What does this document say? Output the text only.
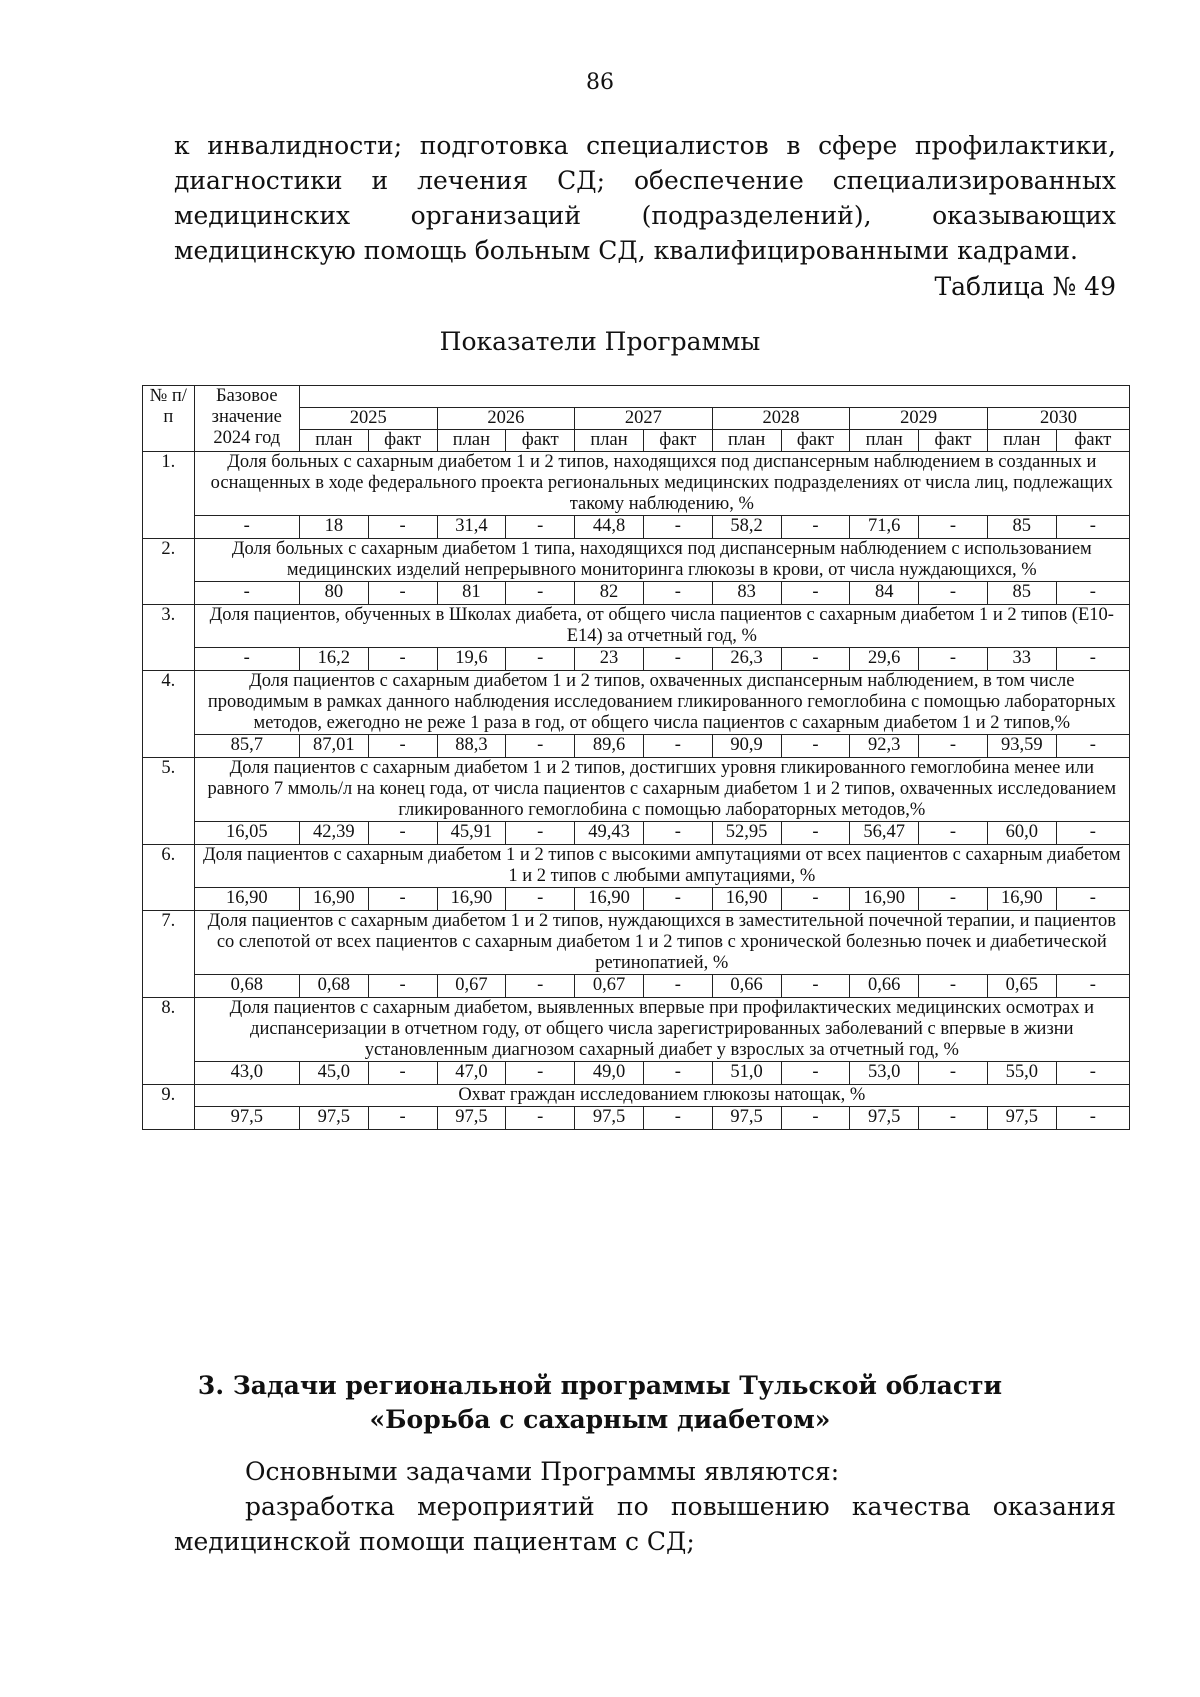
86
к инвалидности; подготовка специалистов в сфере профилактики, диагностики и лечения СД; обеспечение специализированных медицинских организаций (подразделений), оказывающих медицинскую помощь больным СД, квалифицированными кадрами.
Таблица № 49
Показатели Программы
№ п/п	Базовое значение 2024 год												
		2025		2026		2027		2028		2029		2030	
		план	факт	план	факт	план	факт	план	факт	план	факт	план	факт
1.	Доля больных с сахарным диабетом 1 и 2 типов, находящихся под диспансерным наблюдением в созданных и оснащенных в ходе федерального проекта региональных медицинских подразделениях от числа лиц, подлежащих такому наблюдению, %												
	-	18	-	31,4	-	44,8	-	58,2	-	71,6	-	85	-
2.	Доля больных с сахарным диабетом 1 типа, находящихся под диспансерным наблюдением с использованием медицинских изделий непрерывного мониторинга глюкозы в крови, от числа нуждающихся, %												
	-	80	-	81	-	82	-	83	-	84	-	85	-
3.	Доля пациентов, обученных в Школах диабета, от общего числа пациентов с сахарным диабетом 1 и 2 типов (Е10-Е14) за отчетный год, %												
	-	16,2	-	19,6	-	23	-	26,3	-	29,6	-	33	-
4.	Доля пациентов с сахарным диабетом 1 и 2 типов, охваченных диспансерным наблюдением, в том числе проводимым в рамках данного наблюдения исследованием гликированного гемоглобина с помощью лабораторных методов, ежегодно не реже 1 раза в год, от общего числа пациентов с сахарным диабетом 1 и 2 типов,%												
	85,7	87,01	-	88,3	-	89,6	-	90,9	-	92,3	-	93,59	-
5.	Доля пациентов с сахарным диабетом 1 и 2 типов, достигших уровня гликированного гемоглобина менее или равного 7 ммоль/л на конец года, от числа пациентов с сахарным диабетом 1 и 2 типов, охваченных исследованием гликированного гемоглобина с помощью лабораторных методов,%												
	16,05	42,39	-	45,91	-	49,43	-	52,95	-	56,47	-	60,0	-
6.	Доля пациентов с сахарным диабетом 1 и 2 типов с высокими ампутациями от всех пациентов с сахарным диабетом 1 и 2 типов с любыми ампутациями, %												
	16,90	16,90	-	16,90	-	16,90	-	16,90	-	16,90	-	16,90	-
7.	Доля пациентов с сахарным диабетом 1 и 2 типов, нуждающихся в заместительной почечной терапии, и пациентов со слепотой от всех пациентов с сахарным диабетом 1 и 2 типов с хронической болезнью почек и диабетической ретинопатией, %												
	0,68	0,68	-	0,67	-	0,67	-	0,66	-	0,66	-	0,65	-
8.	Доля пациентов с сахарным диабетом, выявленных впервые при профилактических медицинских осмотрах и диспансеризации в отчетном году, от общего числа зарегистрированных заболеваний с впервые в жизни установленным диагнозом сахарный диабет у взрослых за отчетный год, %												
	43,0	45,0	-	47,0	-	49,0	-	51,0	-	53,0	-	55,0	-
9.	Охват граждан исследованием глюкозы натощак, %												
	97,5	97,5	-	97,5	-	97,5	-	97,5	-	97,5	-	97,5	-
3. Задачи региональной программы Тульской области
«Борьба с сахарным диабетом»
Основными задачами Программы являются:
разработка мероприятий по повышению качества оказания медицинской помощи пациентам с СД;
